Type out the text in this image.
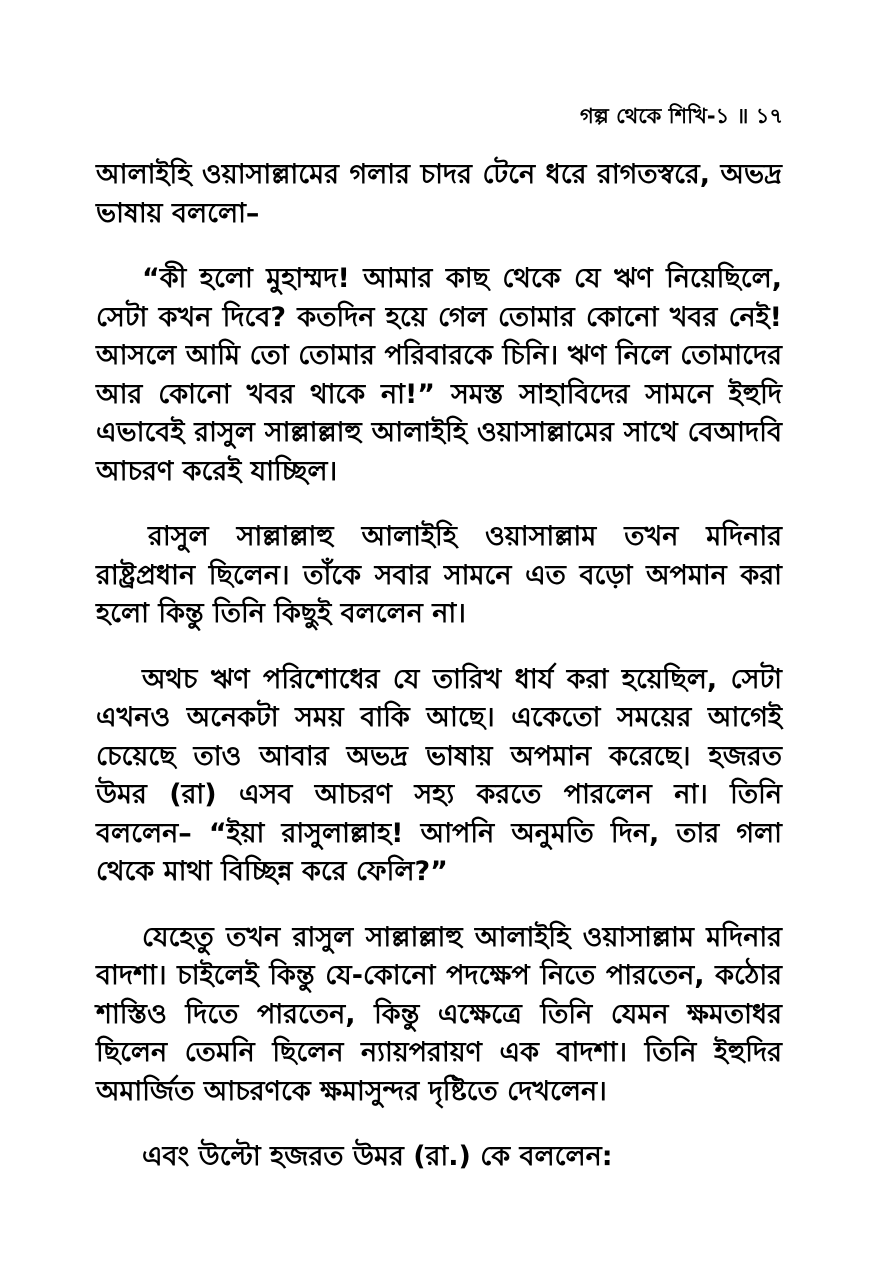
গল্প থেকে শিখি-১ ॥ ১৭

আলাইহি ওয়াসাল্লামের গলার চাদর টেনে ধরে রাগতস্বরে, অভদ্র ভাষায় বললো–

“কী হলো মুহাম্মদ! আমার কাছ থেকে যে ঋণ নিয়েছিলে, সেটা কখন দিবে? কতদিন হয়ে গেল তোমার কোনো খবর নেই! আসলে আমি তো তোমার পরিবারকে চিনি। ঋণ নিলে তোমাদের আর কোনো খবর থাকে না!” সমস্ত সাহাবিদের সামনে ইহুদি এভাবেই রাসুল সাল্লাল্লাহু আলাইহি ওয়াসাল্লামের সাথে বেআদবি আচরণ করেই যাচ্ছিল।

রাসুল সাল্লাল্লাহু আলাইহি ওয়াসাল্লাম তখন মদিনার রাষ্ট্রপ্রধান ছিলেন। তাঁকে সবার সামনে এত বড়ো অপমান করা হলো কিন্তু তিনি কিছুই বললেন না।

অথচ ঋণ পরিশোধের যে তারিখ ধার্য করা হয়েছিল, সেটা এখনও অনেকটা সময় বাকি আছে। একেতো সময়ের আগেই চেয়েছে তাও আবার অভদ্র ভাষায় অপমান করেছে। হজরত উমর (রা) এসব আচরণ সহ্য করতে পারলেন না। তিনি বললেন– “ইয়া রাসুলাল্লাহ! আপনি অনুমতি দিন, তার গলা থেকে মাথা বিচ্ছিন্ন করে ফেলি?”

যেহেতু তখন রাসুল সাল্লাল্লাহু আলাইহি ওয়াসাল্লাম মদিনার বাদশা। চাইলেই কিন্তু যে-কোনো পদক্ষেপ নিতে পারতেন, কঠোর শাস্তিও দিতে পারতেন, কিন্তু এক্ষেত্রে তিনি যেমন ক্ষমতাধর ছিলেন তেমনি ছিলেন ন্যায়পরায়ণ এক বাদশা। তিনি ইহুদির অমার্জিত আচরণকে ক্ষমাসুন্দর দৃষ্টিতে দেখলেন।

এবং উল্টো হজরত উমর (রা.) কে বললেন:
